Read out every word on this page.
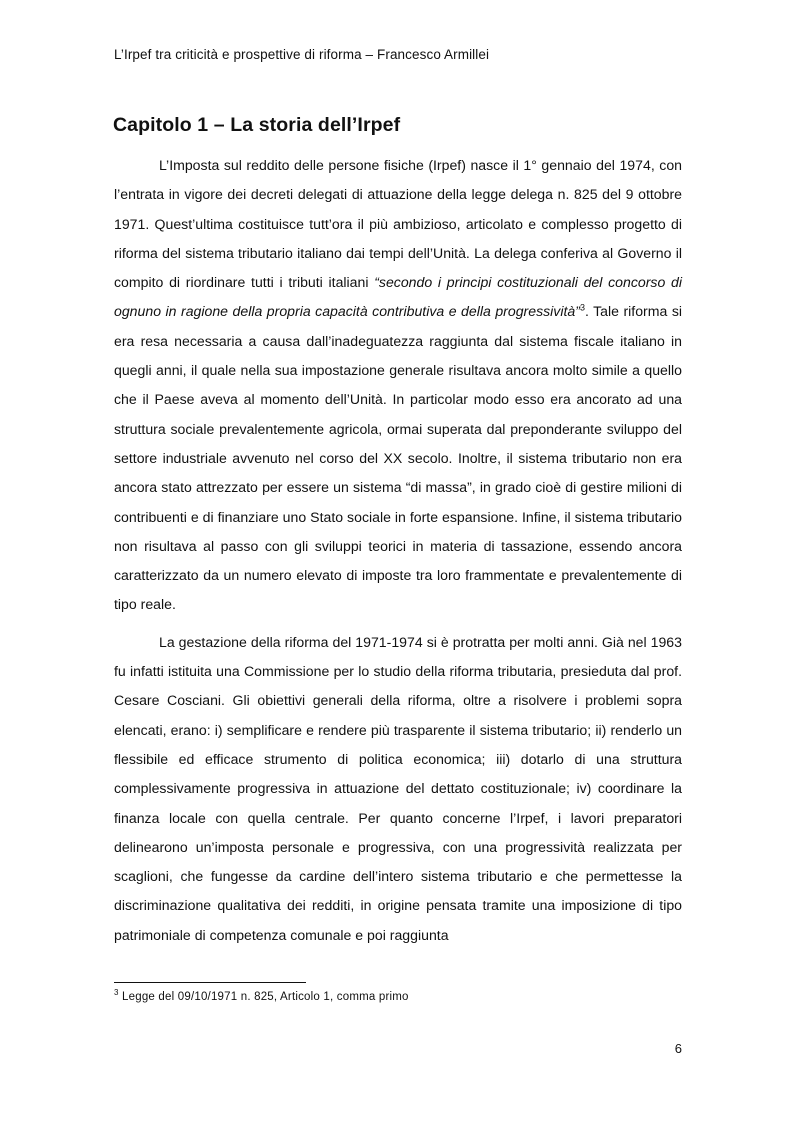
L’Irpef tra criticità e prospettive di riforma – Francesco Armillei
Capitolo 1 – La storia dell’Irpef

L’Imposta sul reddito delle persone fisiche (Irpef) nasce il 1° gennaio del 1974, con l’entrata in vigore dei decreti delegati di attuazione della legge delega n. 825 del 9 ottobre 1971. Quest’ultima costituisce tutt’ora il più ambizioso, articolato e complesso progetto di riforma del sistema tributario italiano dai tempi dell’Unità. La delega conferiva al Governo il compito di riordinare tutti i tributi italiani “secondo i principi costituzionali del concorso di ognuno in ragione della propria capacità contributiva e della progressività”$^3$. Tale riforma si era resa necessaria a causa dall’inadeguatezza raggiunta dal sistema fiscale italiano in quegli anni, il quale nella sua impostazione generale risultava ancora molto simile a quello che il Paese aveva al momento dell’Unità. In particolar modo esso era ancorato ad una struttura sociale prevalentemente agricola, ormai superata dal preponderante sviluppo del settore industriale avvenuto nel corso del XX secolo. Inoltre, il sistema tributario non era ancora stato attrezzato per essere un sistema “di massa”, in grado cioè di gestire milioni di contribuenti e di finanziare uno Stato sociale in forte espansione. Infine, il sistema tributario non risultava al passo con gli sviluppi teorici in materia di tassazione, essendo ancora caratterizzato da un numero elevato di imposte tra loro frammentate e prevalentemente di tipo reale.

La gestazione della riforma del 1971-1974 si è protratta per molti anni. Già nel 1963 fu infatti istituita una Commissione per lo studio della riforma tributaria, presieduta dal prof. Cesare Cosciani. Gli obiettivi generali della riforma, oltre a risolvere i problemi sopra elencati, erano: i) semplificare e rendere più trasparente il sistema tributario; ii) renderlo un flessibile ed efficace strumento di politica economica; iii) dotarlo di una struttura complessivamente progressiva in attuazione del dettato costituzionale; iv) coordinare la finanza locale con quella centrale. Per quanto concerne l’Irpef, i lavori preparatori delinearono un’imposta personale e progressiva, con una progressività realizzata per scaglioni, che fungesse da cardine dell’intero sistema tributario e che permettesse la discriminazione qualitativa dei redditi, in origine pensata tramite una imposizione di tipo patrimoniale di competenza comunale e poi raggiunta

$^3$ Legge del 09/10/1971 n. 825, Articolo 1, comma primo
6
